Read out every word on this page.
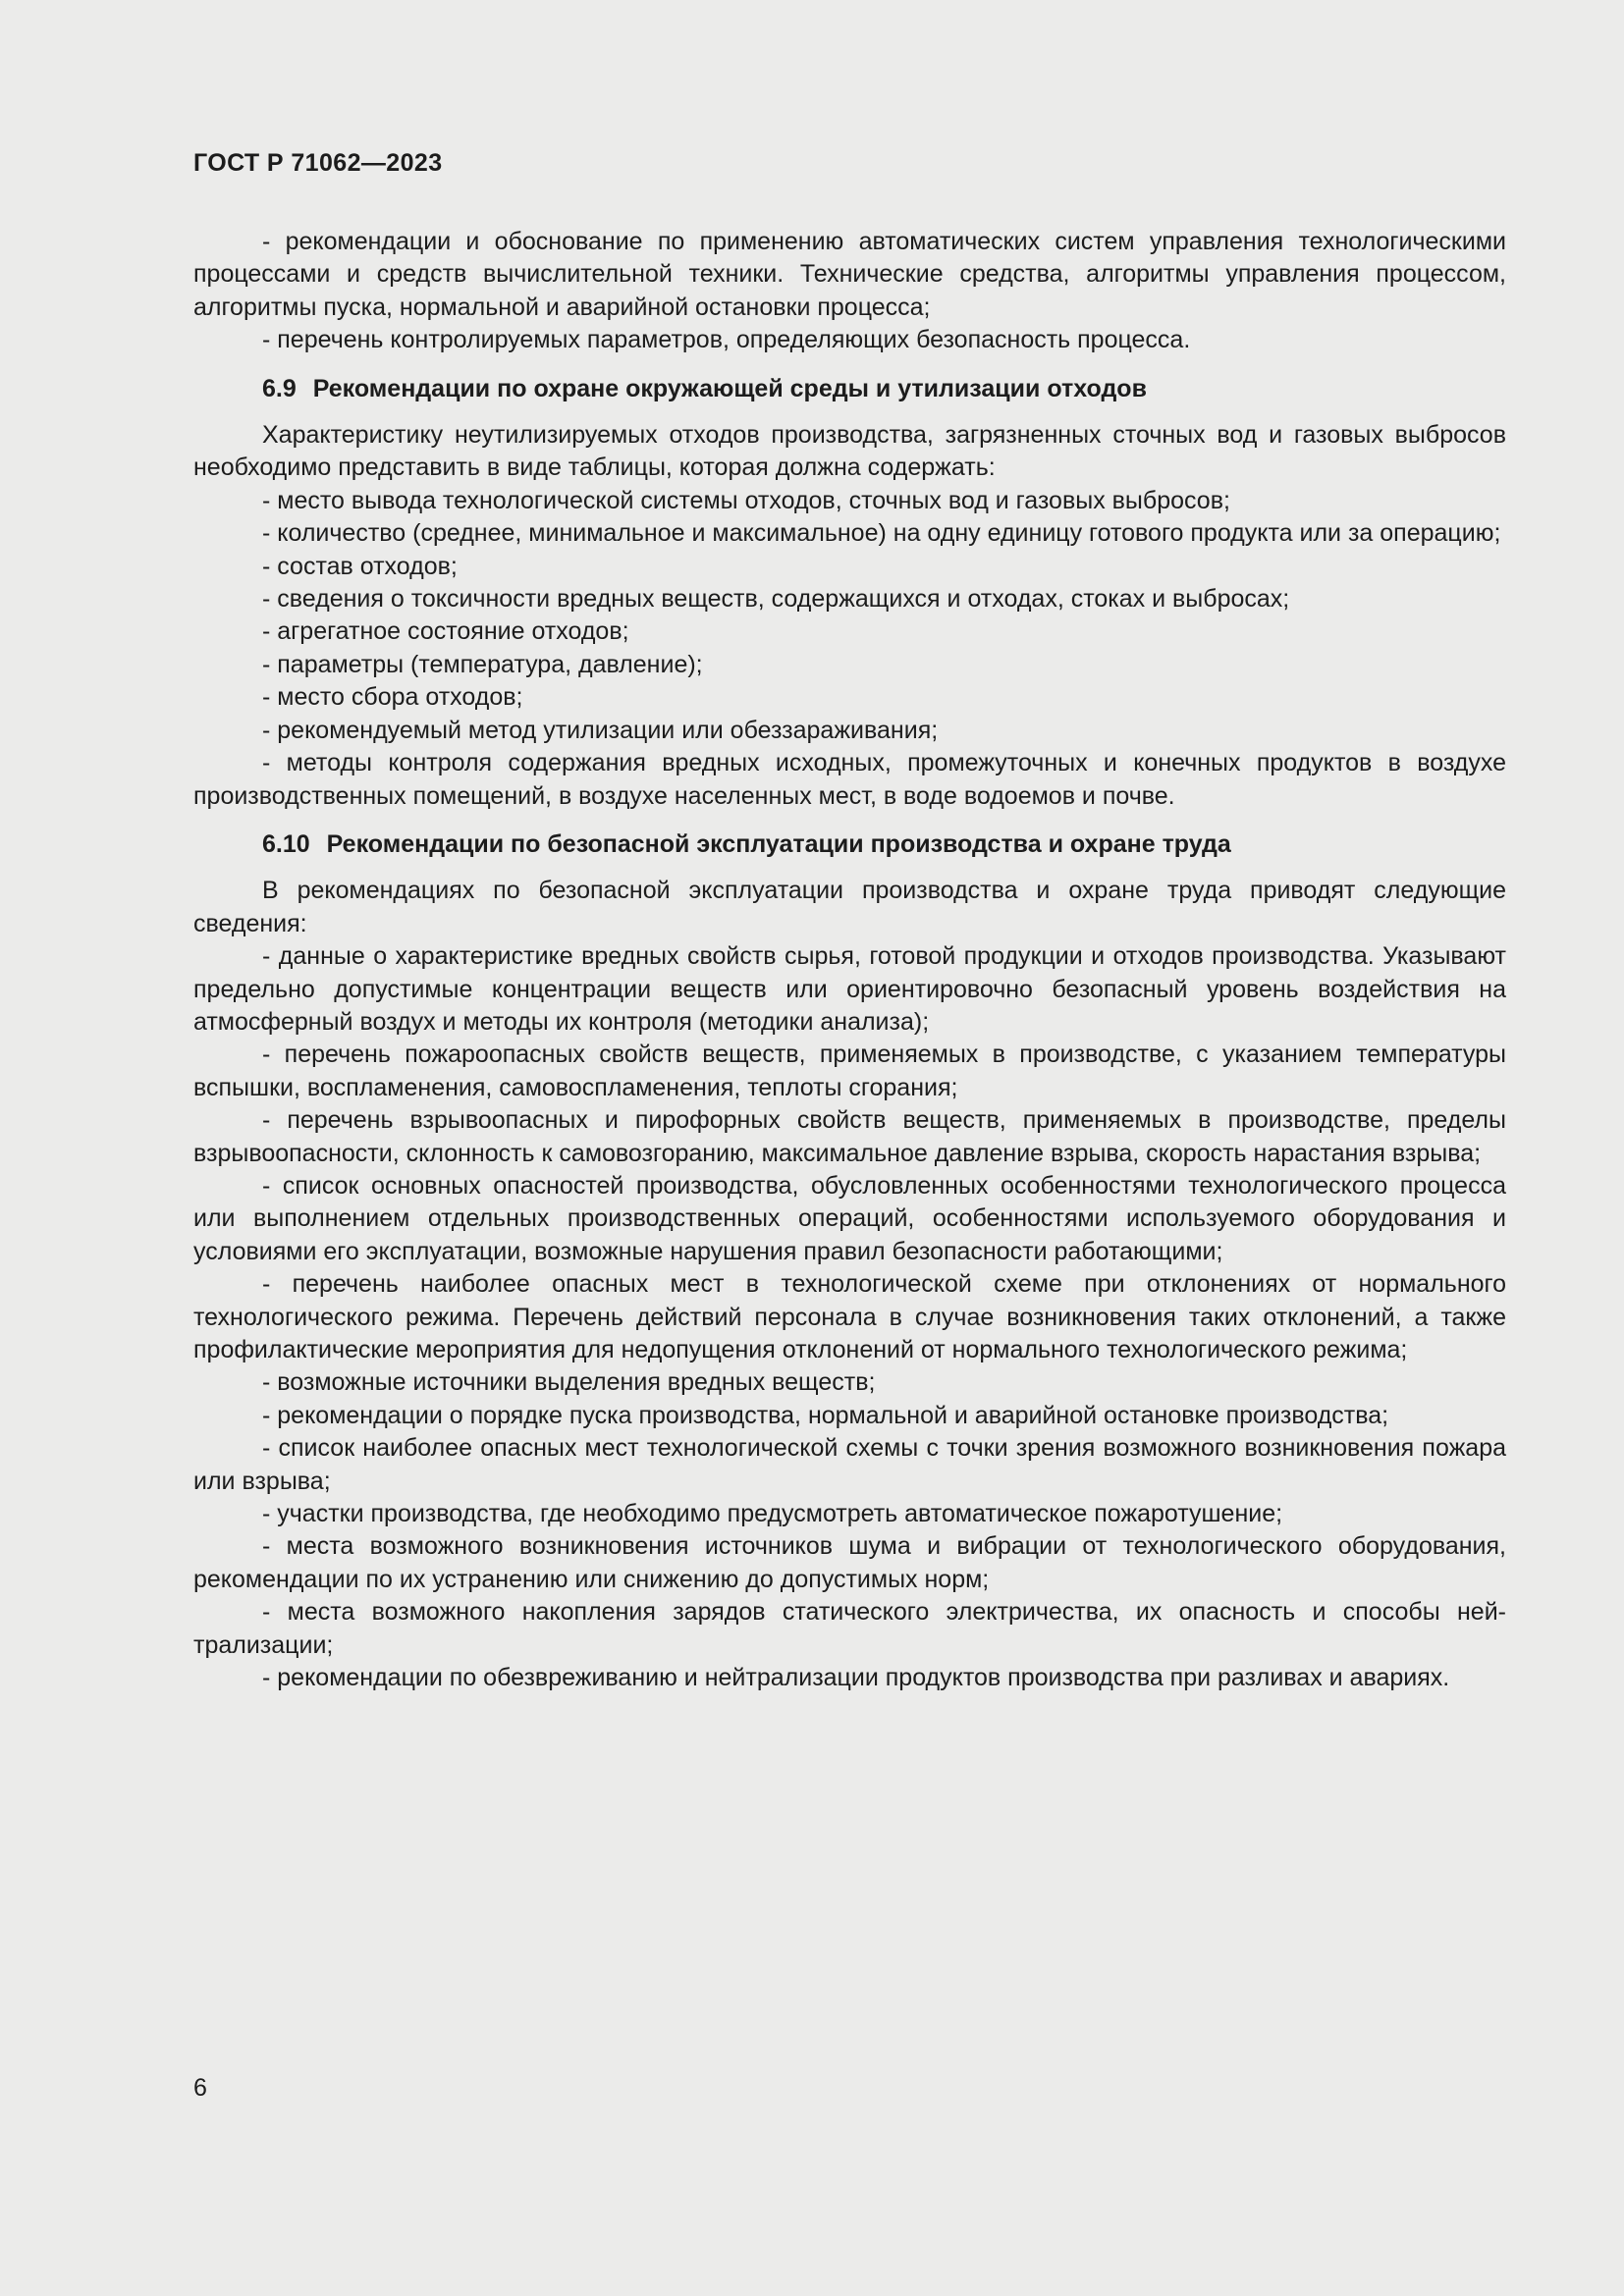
ГОСТ Р 71062—2023

- рекомендации и обоснование по применению автоматических систем управления технологическими процессами и средств вычислительной техники. Технические средства, алгоритмы управления процессом, алгоритмы пуска, нормальной и аварийной остановки процесса;

- перечень контролируемых параметров, определяющих безопасность процесса.

6.9 Рекомендации по охране окружающей среды и утилизации отходов

Характеристику неутилизируемых отходов производства, загрязненных сточных вод и газовых выбросов необходимо представить в виде таблицы, которая должна содержать:

- место вывода технологической системы отходов, сточных вод и газовых выбросов;

- количество (среднее, минимальное и максимальное) на одну единицу готового продукта или за операцию;

- состав отходов;

- сведения о токсичности вредных веществ, содержащихся и отходах, стоках и выбросах;

- агрегатное состояние отходов;

- параметры (температура, давление);

- место сбора отходов;

- рекомендуемый метод утилизации или обеззараживания;

- методы контроля содержания вредных исходных, промежуточных и конечных продуктов в воздухе производственных помещений, в воздухе населенных мест, в воде водоемов и почве.

6.10 Рекомендации по безопасной эксплуатации производства и охране труда

В рекомендациях по безопасной эксплуатации производства и охране труда приводят следующие сведения:

- данные о характеристике вредных свойств сырья, готовой продукции и отходов производства. Указывают предельно допустимые концентрации веществ или ориентировочно безопасный уровень воздействия на атмосферный воздух и методы их контроля (методики анализа);

- перечень пожароопасных свойств веществ, применяемых в производстве, с указанием температуры вспышки, воспламенения, самовоспламенения, теплоты сгорания;

- перечень взрывоопасных и пирофорных свойств веществ, применяемых в производстве, пределы взрывоопасности, склонность к самовозгоранию, максимальное давление взрыва, скорость нарастания взрыва;

- список основных опасностей производства, обусловленных особенностями технологического процесса или выполнением отдельных производственных операций, особенностями используемого оборудования и условиями его эксплуатации, возможные нарушения правил безопасности работающими;

- перечень наиболее опасных мест в технологической схеме при отклонениях от нормального технологического режима. Перечень действий персонала в случае возникновения таких отклонений, а также профилактические мероприятия для недопущения отклонений от нормального технологического режима;

- возможные источники выделения вредных веществ;

- рекомендации о порядке пуска производства, нормальной и аварийной остановке производства;

- список наиболее опасных мест технологической схемы с точки зрения возможного возникновения пожара или взрыва;

- участки производства, где необходимо предусмотреть автоматическое пожаротушение;

- места возможного возникновения источников шума и вибрации от технологического оборудования, рекомендации по их устранению или снижению до допустимых норм;

- места возможного накопления зарядов статического электричества, их опасность и способы нейтрализации;

- рекомендации по обезвреживанию и нейтрализации продуктов производства при разливах и авариях.

6
